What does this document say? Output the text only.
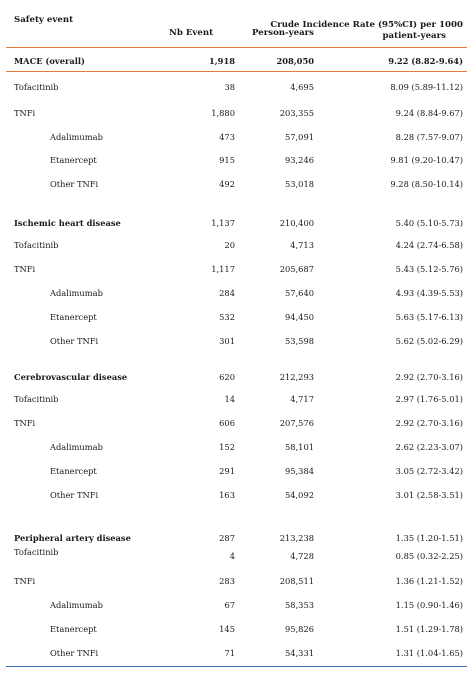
Safety event
Nb Event	Person-years
Crude Incidence Rate (95%CI) per 1000
patient-years
MACE (overall)	1,918	208,050	9.22 (8.82-9.64)
Tofacitinib	38	4,695	8.09 (5.89-11.12)
TNFi	1,880	203,355	9.24 (8.84-9.67)
Adalimumab	473	57,091	8.28 (7.57-9.07)
Etanercept	915	93,246	9.81 (9.20-10.47)
Other TNFi	492	53,018	9.28 (8.50-10.14)
Ischemic heart disease	1,137	210,400	5.40 (5.10-5.73)
Tofacitinib	20	4,713	4.24 (2.74-6.58)
TNFi	1,117	205,687	5.43 (5.12-5.76)
Adalimumab	284	57,640	4.93 (4.39-5.53)
Etanercept	532	94,450	5.63 (5.17-6.13)
Other TNFi	301	53,598	5.62 (5.02-6.29)
Cerebrovascular disease	620	212,293	2.92 (2.70-3.16)
Tofacitinib	14	4,717	2.97 (1.76-5.01)
TNFi	606	207,576	2.92 (2.70-3.16)
Adalimumab	152	58,101	2.62 (2.23-3.07)
Etanercept	291	95,384	3.05 (2.72-3.42)
Other TNFi	163	54,092	3.01 (2.58-3.51)
Peripheral artery disease	287	213,238	1.35 (1.20-1.51)
Tofacitinib	4	4,728	0.85 (0.32-2.25)
TNFi	283	208,511	1.36 (1.21-1.52)
Adalimumab	67	58,353	1.15 (0.90-1.46)
Etanercept	145	95,826	1.51 (1.29-1.78)
Other TNFi	71	54,331	1.31 (1.04-1.65)
